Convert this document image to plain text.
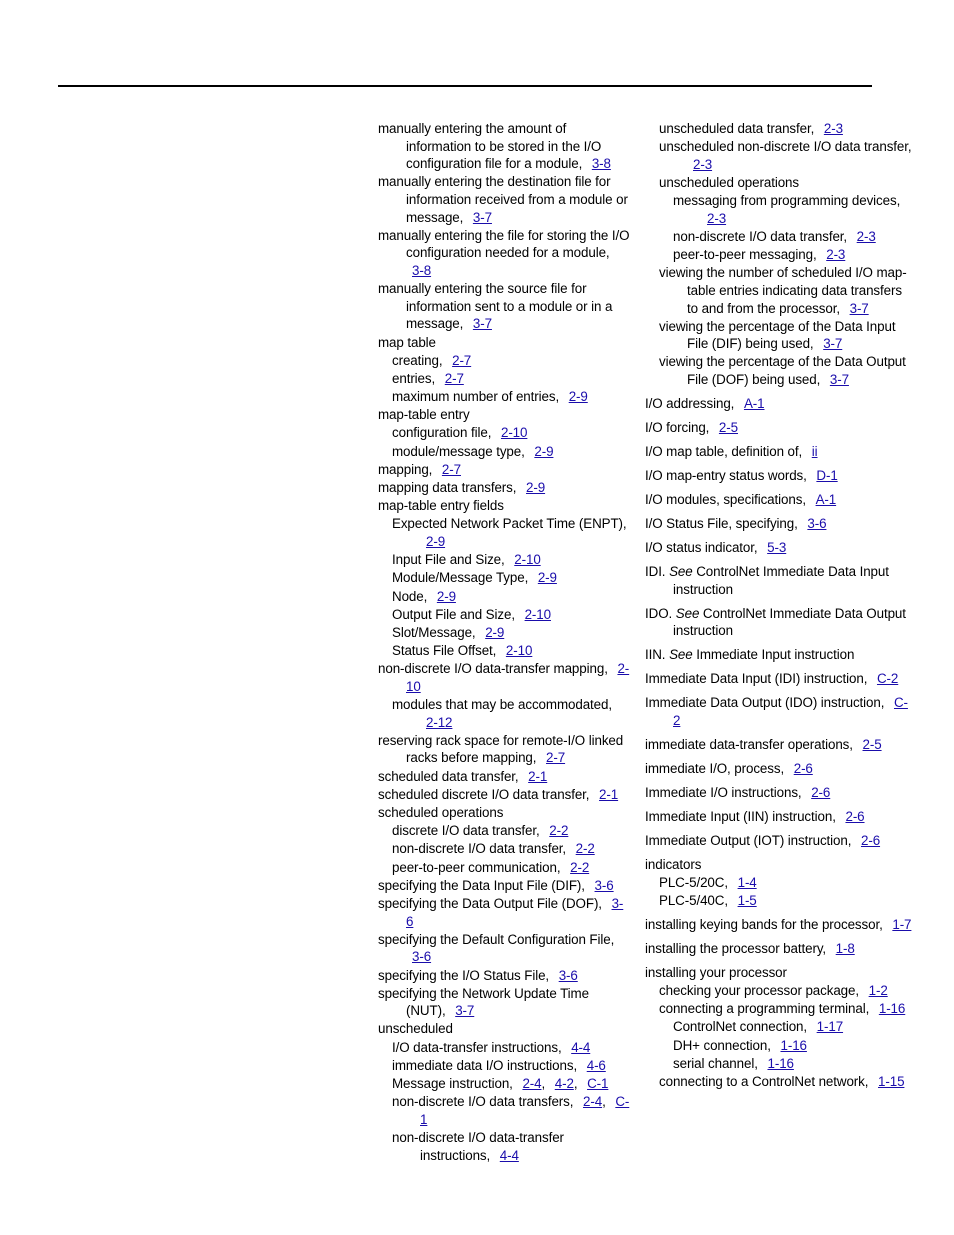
manually entering the amount of information to be stored in the I/O configuration file for a module, 3-8
manually entering the destination file for information received from a module or message, 3-7
manually entering the file for storing the I/O configuration needed for a module, 3-8
manually entering the source file for information sent to a module or in a message, 3-7
map table
creating, 2-7
entries, 2-7
maximum number of entries, 2-9
map-table entry
configuration file, 2-10
module/message type, 2-9
mapping, 2-7
mapping data transfers, 2-9
map-table entry fields
Expected Network Packet Time (ENPT), 2-9
Input File and Size, 2-10
Module/Message Type, 2-9
Node, 2-9
Output File and Size, 2-10
Slot/Message, 2-9
Status File Offset, 2-10
non-discrete I/O data-transfer mapping, 2-10
modules that may be accommodated, 2-12
reserving rack space for remote-I/O linked racks before mapping, 2-7
scheduled data transfer, 2-1
scheduled discrete I/O data transfer, 2-1
scheduled operations
discrete I/O data transfer, 2-2
non-discrete I/O data transfer, 2-2
peer-to-peer communication, 2-2
specifying the Data Input File (DIF), 3-6
specifying the Data Output File (DOF), 3-6
specifying the Default Configuration File, 3-6
specifying the I/O Status File, 3-6
specifying the Network Update Time (NUT), 3-7
unscheduled
I/O data-transfer instructions, 4-4
immediate data I/O instructions, 4-6
Message instruction, 2-4, 4-2, C-1
non-discrete I/O data transfers, 2-4, C-1
non-discrete I/O data-transfer instructions, 4-4
unscheduled data transfer, 2-3
unscheduled non-discrete I/O data transfer, 2-3
unscheduled operations
messaging from programming devices, 2-3
non-discrete I/O data transfer, 2-3
peer-to-peer messaging, 2-3
viewing the number of scheduled I/O map-table entries indicating data transfers to and from the processor, 3-7
viewing the percentage of the Data Input File (DIF) being used, 3-7
viewing the percentage of the Data Output File (DOF) being used, 3-7
I/O addressing, A-1
I/O forcing, 2-5
I/O map table, definition of, ii
I/O map-entry status words, D-1
I/O modules, specifications, A-1
I/O Status File, specifying, 3-6
I/O status indicator, 5-3
IDI. See ControlNet Immediate Data Input instruction
IDO. See ControlNet Immediate Data Output instruction
IIN. See Immediate Input instruction
Immediate Data Input (IDI) instruction, C-2
Immediate Data Output (IDO) instruction, C-2
immediate data-transfer operations, 2-5
immediate I/O, process, 2-6
Immediate I/O instructions, 2-6
Immediate Input (IIN) instruction, 2-6
Immediate Output (IOT) instruction, 2-6
indicators
PLC-5/20C, 1-4
PLC-5/40C, 1-5
installing keying bands for the processor, 1-7
installing the processor battery, 1-8
installing your processor
checking your processor package, 1-2
connecting a programming terminal, 1-16
ControlNet connection, 1-17
DH+ connection, 1-16
serial channel, 1-16
connecting to a ControlNet network, 1-15
